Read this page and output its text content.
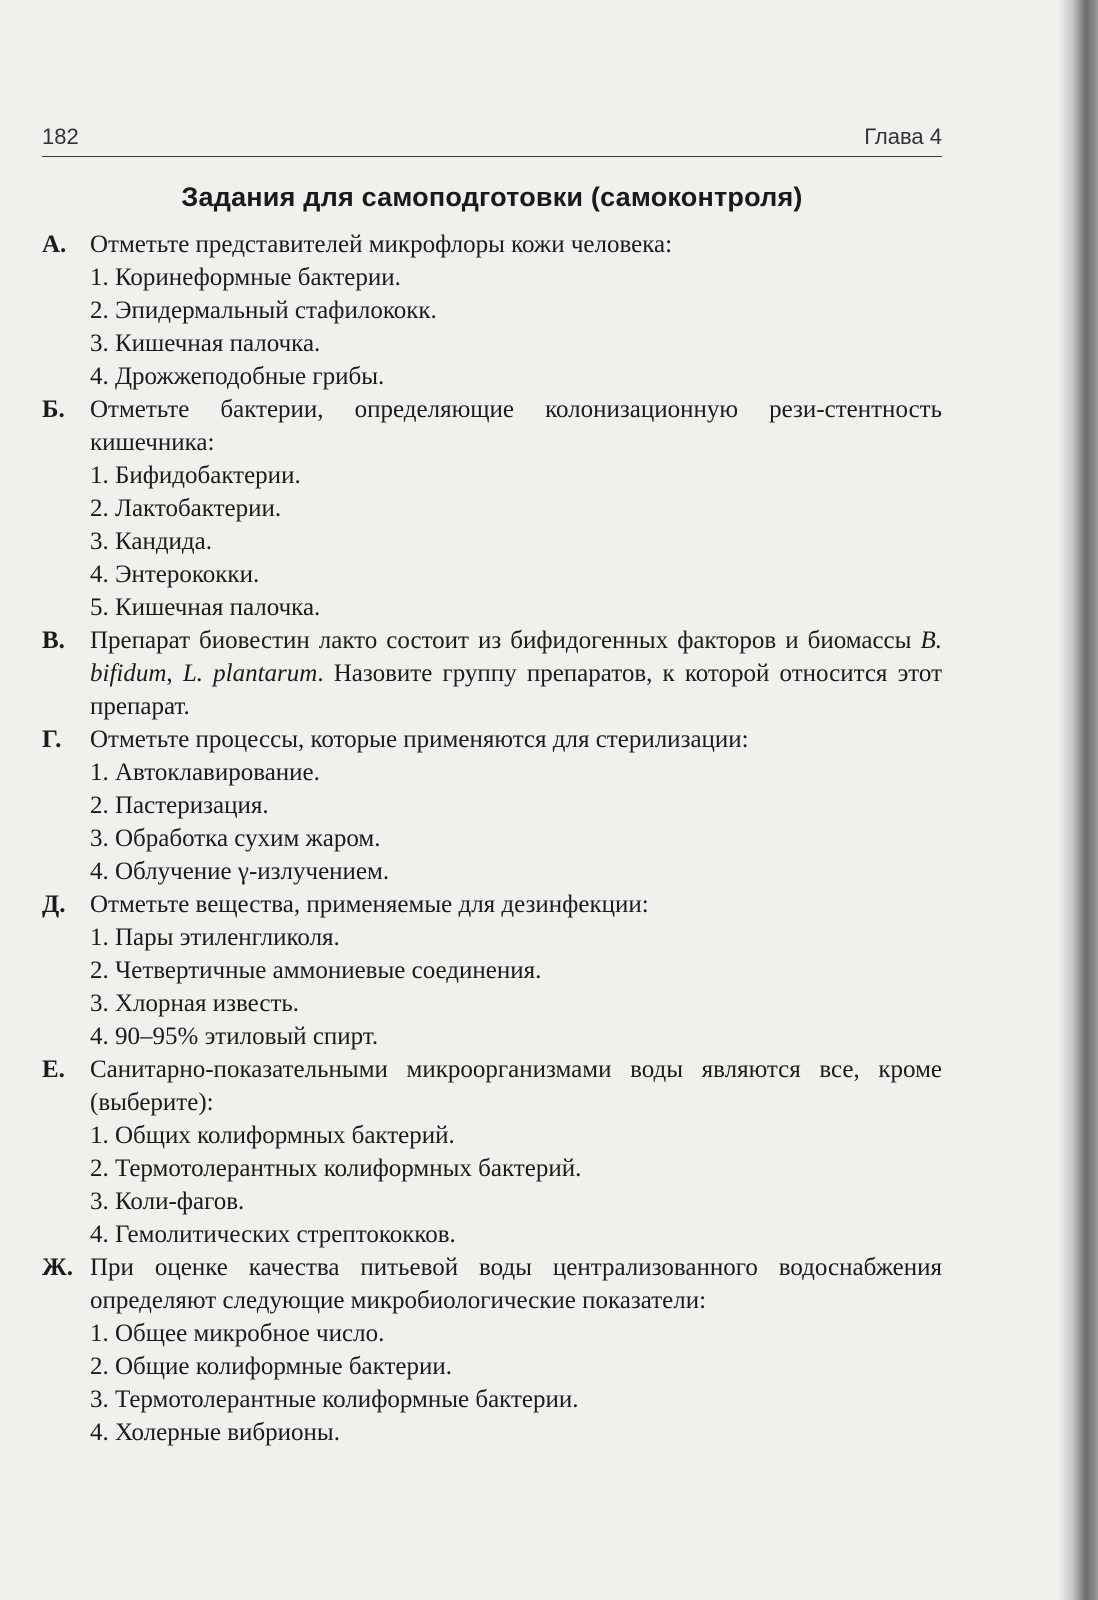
182	Глава 4
Задания для самоподготовки (самоконтроля)
А. Отметьте представителей микрофлоры кожи человека:
1. Коринеформные бактерии.
2. Эпидермальный стафилококк.
3. Кишечная палочка.
4. Дрожжеподобные грибы.
Б. Отметьте бактерии, определяющие колонизационную рези-стентность кишечника:
1. Бифидобактерии.
2. Лактобактерии.
3. Кандида.
4. Энтерококки.
5. Кишечная палочка.
В. Препарат биовестин лакто состоит из бифидогенных факторов и биомассы B. bifidum, L. plantarum. Назовите группу препаратов, к которой относится этот препарат.
Г. Отметьте процессы, которые применяются для стерилизации:
1. Автоклавирование.
2. Пастеризация.
3. Обработка сухим жаром.
4. Облучение γ-излучением.
Д. Отметьте вещества, применяемые для дезинфекции:
1. Пары этиленгликоля.
2. Четвертичные аммониевые соединения.
3. Хлорная известь.
4. 90–95% этиловый спирт.
Е. Санитарно-показательными микроорганизмами воды являются все, кроме (выберите):
1. Общих колиформных бактерий.
2. Термотолерантных колиформных бактерий.
3. Коли-фагов.
4. Гемолитических стрептококков.
Ж. При оценке качества питьевой воды централизованного водоснабжения определяют следующие микробиологические показатели:
1. Общее микробное число.
2. Общие колиформные бактерии.
3. Термотолерантные колиформные бактерии.
4. Холерные вибрионы.
